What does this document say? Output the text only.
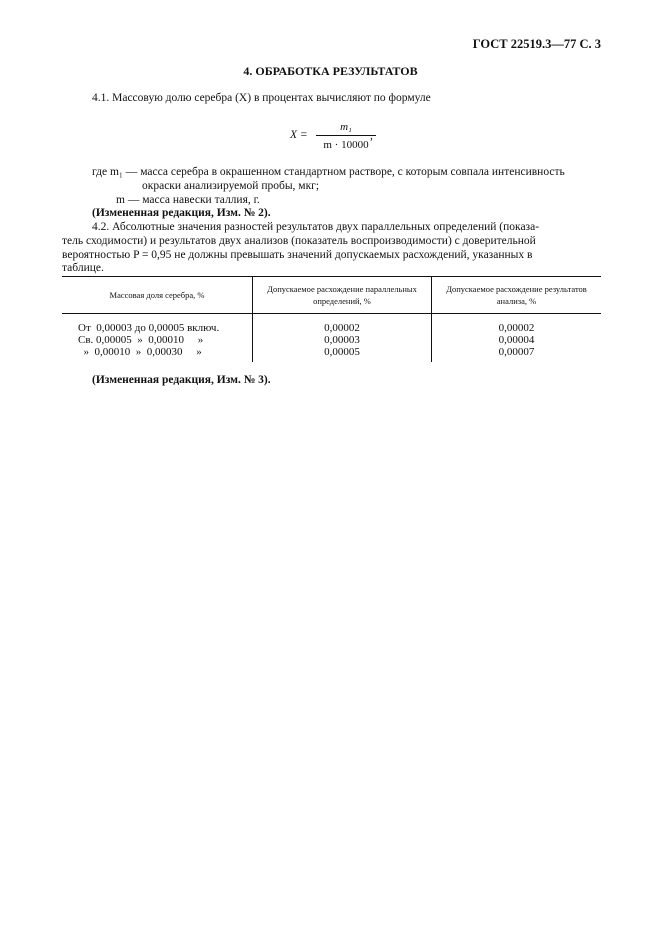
ГОСТ 22519.3—77 С. 3
4. ОБРАБОТКА РЕЗУЛЬТАТОВ
4.1. Массовую долю серебра (X) в процентах вычисляют по формуле
X =
m₁
m · 10000
,
где m₁ — масса серебра в окрашенном стандартном растворе, с которым совпала интенсивность
окраски анализируемой пробы, мкг;
m — масса навески таллия, г.
(Измененная редакция, Изм. № 2).
4.2. Абсолютные значения разностей результатов двух параллельных определений (показа-
тель сходимости) и результатов двух анализов (показатель воспроизводимости) с доверительной
вероятностью P = 0,95 не должны превышать значений допускаемых расхождений, указанных в
таблице.
Массовая доля серебра, %	Допускаемое расхождение параллельных определений, %	Допускаемое расхождение результатов анализа, %
От  0,00003 до 0,00005 включ.	0,00002	0,00002
Св. 0,00005  »  0,00010     »	0,00003	0,00004
»  0,00010  »  0,00030     »	0,00005	0,00007
(Измененная редакция, Изм. № 3).
